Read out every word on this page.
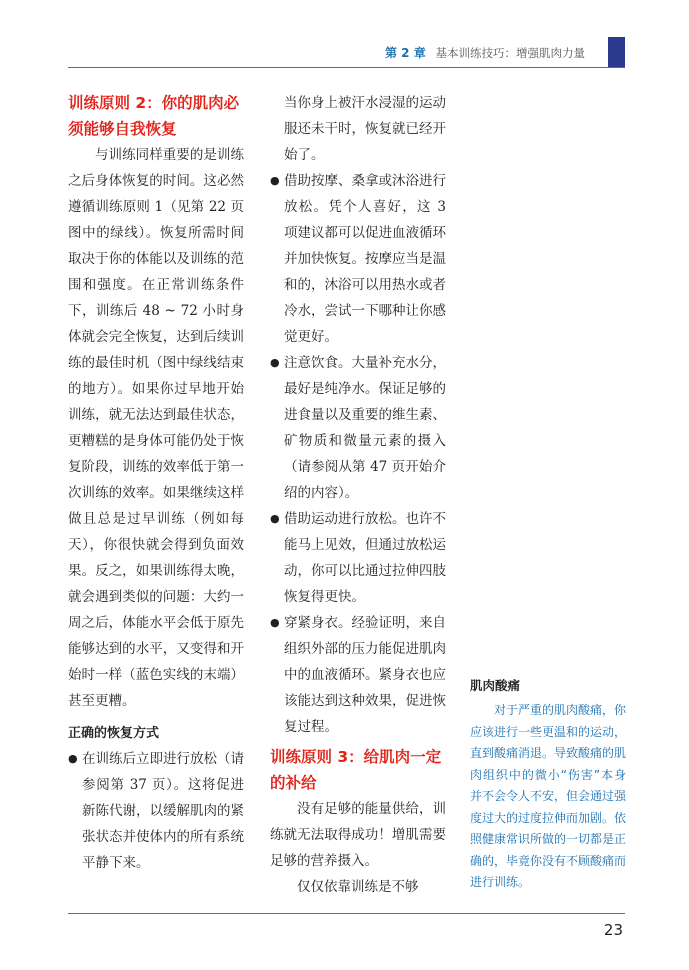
第 2 章 基本训练技巧：增强肌肉力量
训练原则 2：你的肌肉必须能够自我恢复

与训练同样重要的是训练之后身体恢复的时间。这必然遵循训练原则 1（见第 22 页图中的绿线）。恢复所需时间取决于你的体能以及训练的范围和强度。在正常训练条件下，训练后 48 ~ 72 小时身体就会完全恢复，达到后续训练的最佳时机（图中绿线结束的地方）。如果你过早地开始训练，就无法达到最佳状态，更糟糕的是身体可能仍处于恢复阶段，训练的效率低于第一次训练的效率。如果继续这样做且总是过早训练（例如每天），你很快就会得到负面效果。反之，如果训练得太晚，就会遇到类似的问题：大约一周之后，体能水平会低于原先能够达到的水平，又变得和开始时一样（蓝色实线的末端）甚至更糟。

正确的恢复方式

● 在训练后立即进行放松（请参阅第 37 页）。这将促进新陈代谢，以缓解肌肉的紧张状态并使体内的所有系统平静下来。

当你身上被汗水浸湿的运动服还未干时，恢复就已经开始了。

● 借助按摩、桑拿或沐浴进行放松。凭个人喜好，这 3 项建议都可以促进血液循环并加快恢复。按摩应当是温和的，沐浴可以用热水或者冷水，尝试一下哪种让你感觉更好。

● 注意饮食。大量补充水分，最好是纯净水。保证足够的进食量以及重要的维生素、矿物质和微量元素的摄入（请参阅从第 47 页开始介绍的内容）。

● 借助运动进行放松。也许不能马上见效，但通过放松运动，你可以比通过拉伸四肢恢复得更快。

● 穿紧身衣。经验证明，来自组织外部的压力能促进肌肉中的血液循环。紧身衣也应该能达到这种效果，促进恢复过程。

训练原则 3：给肌肉一定的补给

没有足够的能量供给，训练就无法取得成功！增肌需要足够的营养摄入。

仅仅依靠训练是不够

肌肉酸痛

对于严重的肌肉酸痛，你应该进行一些更温和的运动，直到酸痛消退。导致酸痛的肌肉组织中的微小“伤害”本身并不会令人不安，但会通过强度过大的过度拉伸而加剧。依照健康常识所做的一切都是正确的，毕竟你没有不顾酸痛而进行训练。

23
